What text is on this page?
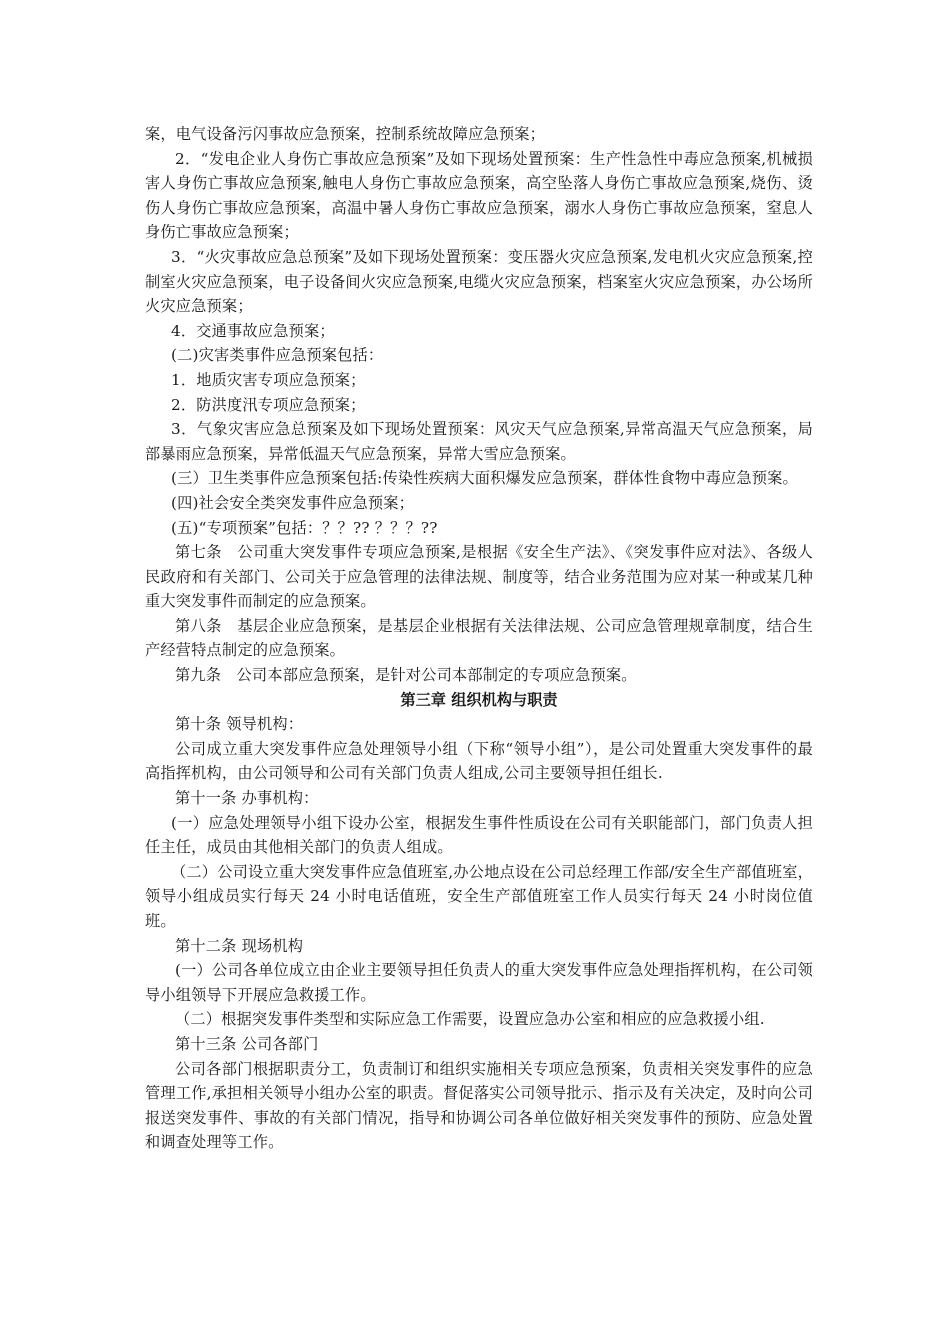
案，电气设备污闪事故应急预案，控制系统故障应急预案；

2．“发电企业人身伤亡事故应急预案”及如下现场处置预案：生产性急性中毒应急预案,机械损害人身伤亡事故应急预案,触电人身伤亡事故应急预案，高空坠落人身伤亡事故应急预案,烧伤、烫伤人身伤亡事故应急预案，高温中暑人身伤亡事故应急预案，溺水人身伤亡事故应急预案，窒息人身伤亡事故应急预案；

3．“火灾事故应急总预案”及如下现场处置预案：变压器火灾应急预案,发电机火灾应急预案,控制室火灾应急预案，电子设备间火灾应急预案,电缆火灾应急预案，档案室火灾应急预案，办公场所火灾应急预案；

4．交通事故应急预案；

(二)灾害类事件应急预案包括：

1．地质灾害专项应急预案；

2．防洪度汛专项应急预案；

3．气象灾害应急总预案及如下现场处置预案：风灾天气应急预案,异常高温天气应急预案，局部暴雨应急预案，异常低温天气应急预案，异常大雪应急预案。

(三）卫生类事件应急预案包括:传染性疾病大面积爆发应急预案，群体性食物中毒应急预案。

(四)社会安全类突发事件应急预案；

(五)“专项预案”包括：？？?? ？？？??

第七条　公司重大突发事件专项应急预案,是根据《安全生产法》、《突发事件应对法》、各级人民政府和有关部门、公司关于应急管理的法律法规、制度等，结合业务范围为应对某一种或某几种重大突发事件而制定的应急预案。

第八条　基层企业应急预案，是基层企业根据有关法律法规、公司应急管理规章制度，结合生产经营特点制定的应急预案。

第九条　公司本部应急预案，是针对公司本部制定的专项应急预案。

第三章 组织机构与职责

第十条 领导机构：

公司成立重大突发事件应急处理领导小组（下称“领导小组”），是公司处置重大突发事件的最高指挥机构，由公司领导和公司有关部门负责人组成,公司主要领导担任组长.

第十一条 办事机构：

(一）应急处理领导小组下设办公室，根据发生事件性质设在公司有关职能部门，部门负责人担任主任，成员由其他相关部门的负责人组成。

（二）公司设立重大突发事件应急值班室,办公地点设在公司总经理工作部/安全生产部值班室，领导小组成员实行每天 24 小时电话值班，安全生产部值班室工作人员实行每天 24 小时岗位值班。

第十二条 现场机构

(一）公司各单位成立由企业主要领导担任负责人的重大突发事件应急处理指挥机构，在公司领导小组领导下开展应急救援工作。

（二）根据突发事件类型和实际应急工作需要，设置应急办公室和相应的应急救援小组.

第十三条 公司各部门

公司各部门根据职责分工，负责制订和组织实施相关专项应急预案，负责相关突发事件的应急管理工作,承担相关领导小组办公室的职责。督促落实公司领导批示、指示及有关决定，及时向公司报送突发事件、事故的有关部门情况，指导和协调公司各单位做好相关突发事件的预防、应急处置和调查处理等工作。
